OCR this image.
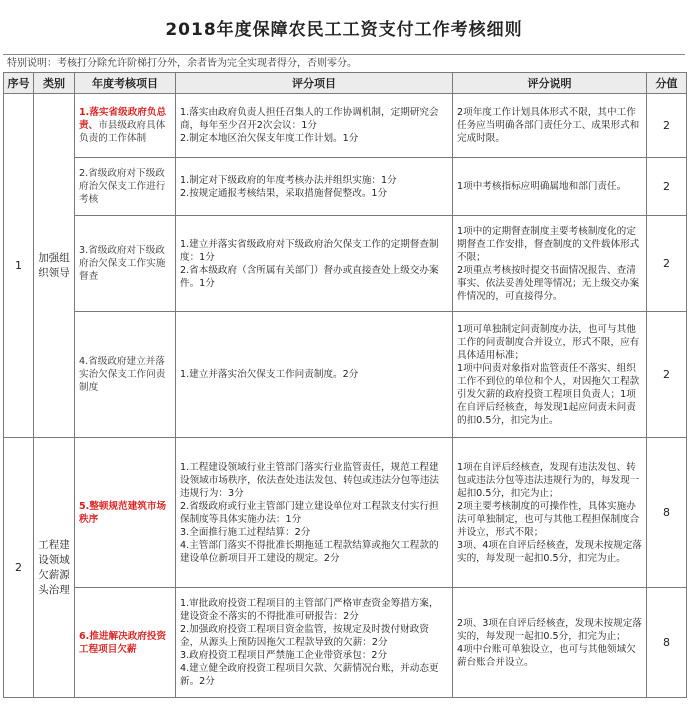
2018年度保障农民工工资支付工作考核细则
特别说明：考核打分除允许阶梯打分外，余者皆为完全实现者得分，否则零分。
序号	类别	年度考核项目	评分项目	评分说明	分值
1	加强组织领导	1.落实省级政府负总责、市县级政府具体负责的工作体制	1.落实由政府负责人担任召集人的工作协调机制，定期研究会商，每年至少召开2次会议：1分
2.制定本地区治欠保支年度工作计划。1分	2项年度工作计划具体形式不限，其中工作任务应当明确各部门责任分工、成果形式和完成时限。	2
		2.省级政府对下级政府治欠保支工作进行考核	1.制定对下级政府的年度考核办法并组织实施：1分
2.按规定通报考核结果，采取措施督促整改。1分	1项中考核指标应明确属地和部门责任。	2
		3.省级政府对下级政府治欠保支工作实施督查	1.建立并落实省级政府对下级政府治欠保支工作的定期督查制度：1分
2.省本级政府（含所属有关部门）督办或直接查处上级交办案件。1分	1项中的定期督查制度主要考核制度化的定期督查工作安排，督查制度的文件载体形式不限；
2项重点考核按时提交书面情况报告、查清事实、依法妥善处理等情况；无上级交办案件情况的，可直接得分。	2
		4.省级政府建立并落实治欠保支工作问责制度	1.建立并落实治欠保支工作问责制度。2分	1项可单独制定问责制度办法，也可与其他工作的问责制度合并设立，形式不限，应有具体适用标准；
1项中问责对象指对监管责任不落实、组织工作不到位的单位和个人，对因拖欠工程款引发欠薪的政府投资工程项目负责人；1项在自评后经核查，每发现1起应问责未问责的扣0.5分，扣完为止。	2
2	工程建设领域欠薪源头治理	5.整顿规范建筑市场秩序	1.工程建设领域行业主管部门落实行业监管责任，规范工程建设领域市场秩序，依法查处违法发包、转包或违法分包等违法违规行为：3分
2.省级政府或行业主管部门建立建设单位对工程款支付实行担保制度等具体实施办法：1分
3.全面推行施工过程结算：2分
4.主管部门落实不得批准长期拖延工程款结算或拖欠工程款的建设单位新项目开工建设的规定。2分	1项在自评后经核查，发现有违法发包、转包或违法分包等违法违规行为的，每发现一起扣0.5分，扣完为止；
2项主要考核制度的可操作性，具体实施办法可单独制定，也可与其他工程担保制度合并设立，形式不限；
3项、4项在自评后经核查，发现未按规定落实的，每发现一起扣0.5分，扣完为止。	8
		6.推进解决政府投资工程项目欠薪	1.审批政府投资工程项目的主管部门严格审查资金筹措方案，建设资金不落实的不得批准可研报告：2分
2.加强政府投资工程项目资金监管，按规定及时拨付财政资金，从源头上预防因拖欠工程款导致的欠薪：2分
3.政府投资工程项目严禁施工企业带资承包：2分
4.建立健全政府投资工程项目欠款、欠薪情况台账，并动态更新。2分	2项、3项在自评后经核查，发现未按规定落实的，每发现一起扣0.5分，扣完为止；
4项中台账可单独设立，也可与其他领域欠薪台账合并设立。	8
